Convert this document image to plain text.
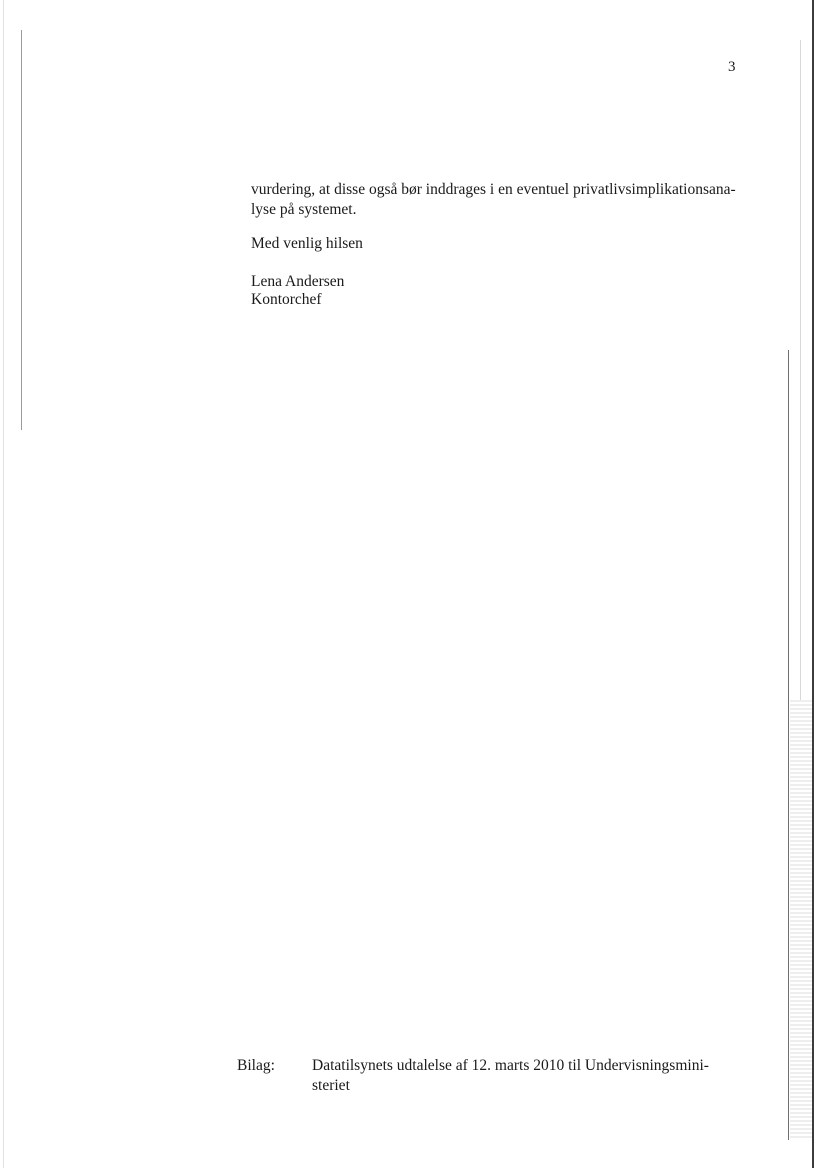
3

vurdering, at disse også bør inddrages i en eventuel privatlivsimplikationsana-

lyse på systemet.

Med venlig hilsen
Lena Andersen
Kontorchef
Bilag: Datatilsynets udtalelse af 12. marts 2010 til Undervisningsmini-
steriet
